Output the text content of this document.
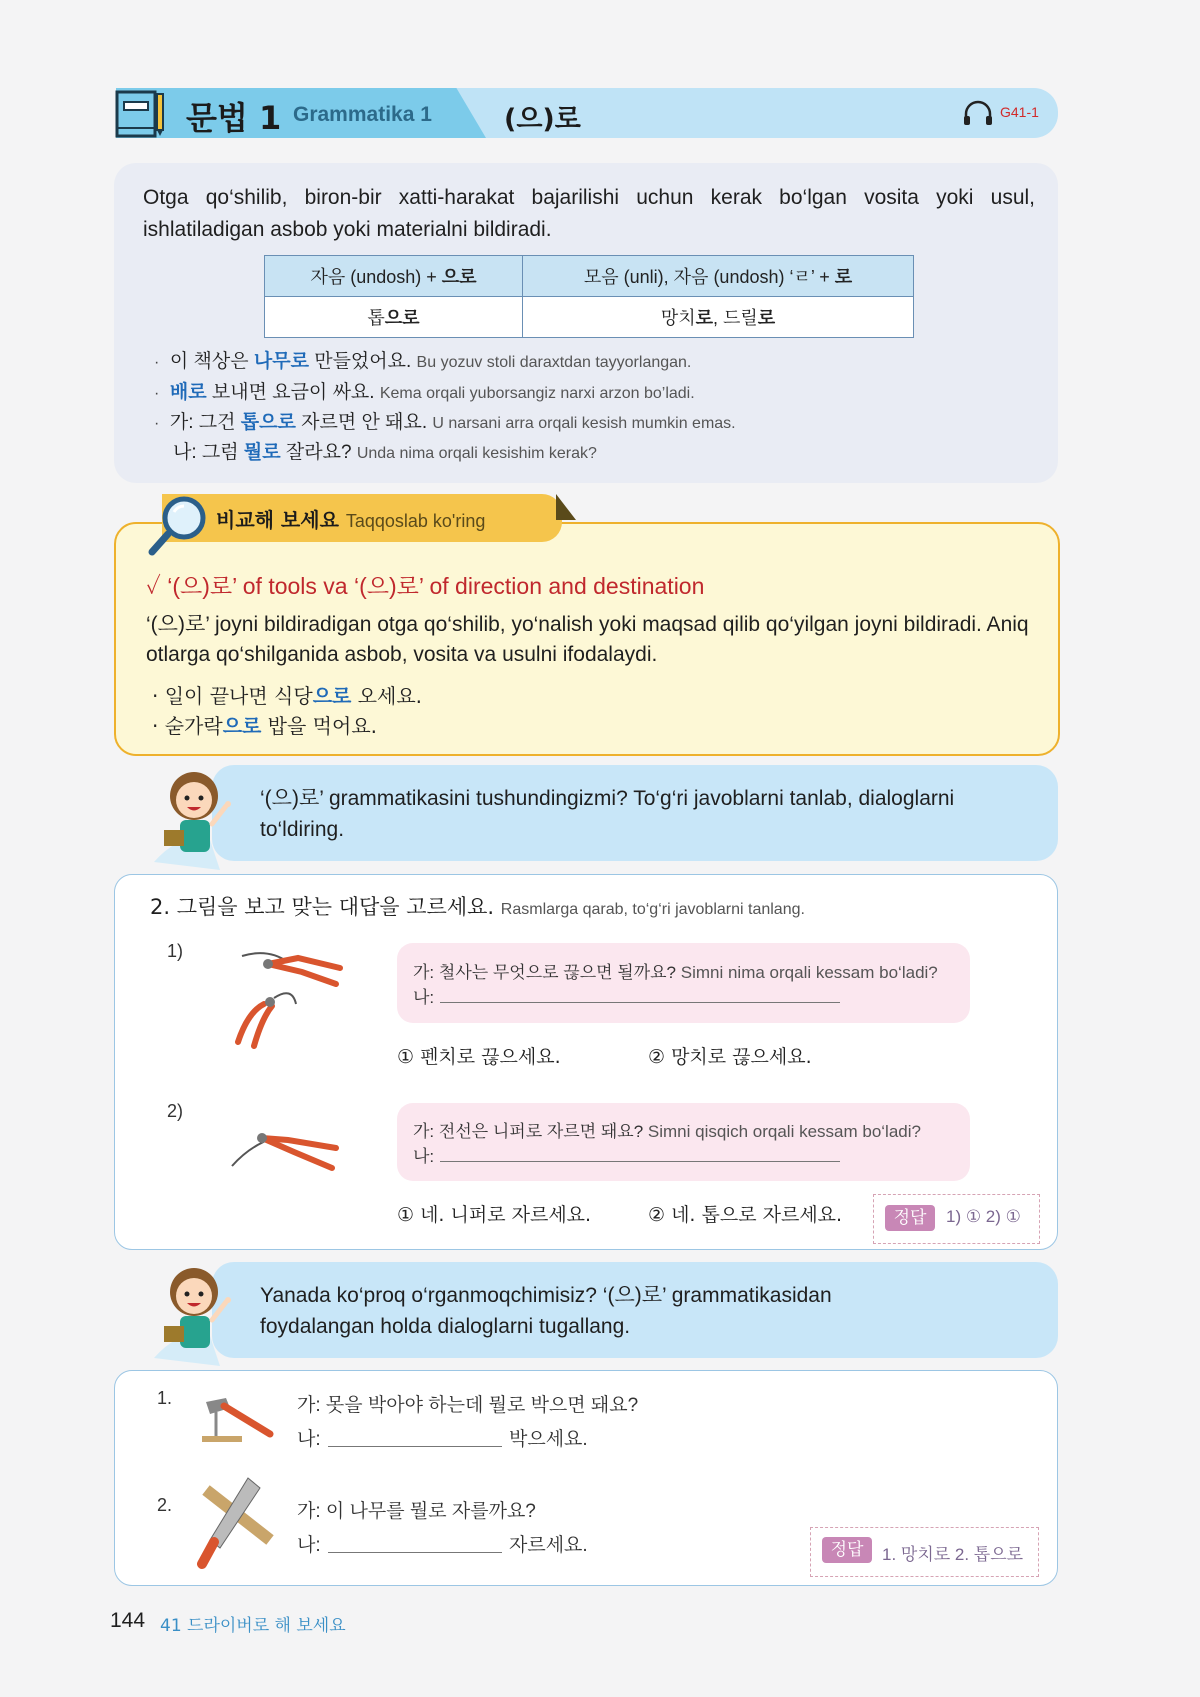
문법 1 Grammatika 1	(으)로	G41-1
Otga qo‘shilib, biron-bir xatti-harakat bajarilishi uchun kerak bo‘lgan vosita yoki usul, ishlatiladigan asbob yoki materialni bildiradi.
자음 (undosh) + 으로	모음 (unli), 자음 (undosh) ‘ㄹ’ + 로
톱으로	망치로, 드릴로
· 이 책상은 나무로 만들었어요. Bu yozuv stoli daraxtdan tayyorlangan.
· 배로 보내면 요금이 싸요. Kema orqali yuborsangiz narxi arzon bo’ladi.
· 가: 그건 톱으로 자르면 안 돼요. U narsani arra orqali kesish mumkin emas.
나: 그럼 뭘로 잘라요? Unda nima orqali kesishim kerak?
비교해 보세요 Taqqoslab ko'ring
✓ ‘(으)로’ of tools va ‘(으)로’ of direction and destination
‘(으)로’ joyni bildiradigan otga qo‘shilib, yo‘nalish yoki maqsad qilib qo‘yilgan joyni bildiradi. Aniq otlarga qo‘shilganida asbob, vosita va usulni ifodalaydi.
· 일이 끝나면 식당으로 오세요.
· 숟가락으로 밥을 먹어요.
‘(으)로’ grammatikasini tushundingizmi? To‘g‘ri javoblarni tanlab, dialoglarni to‘ldiring.
2. 그림을 보고 맞는 대답을 고르세요. Rasmlarga qarab, to‘g‘ri javoblarni tanlang.
1)
가: 철사는 무엇으로 끊으면 될까요? Simni nima orqali kessam bo‘ladi?
나:
① 펜치로 끊으세요.	② 망치로 끊으세요.
2)
가: 전선은 니퍼로 자르면 돼요? Simni qisqich orqali kessam bo‘ladi?
나:
① 네. 니퍼로 자르세요.	② 네. 톱으로 자르세요.	정답	1) ① 2) ①
Yanada ko‘proq o‘rganmoqchimisiz? ‘(으)로’ grammatikasidan foydalangan holda dialoglarni tugallang.
1.	가: 못을 박아야 하는데 뭘로 박으면 돼요?
나:	박으세요.
2.	가: 이 나무를 뭘로 자를까요?
나:	자르세요.	정답	1. 망치로 2. 톱으로
144 41 드라이버로 해 보세요
